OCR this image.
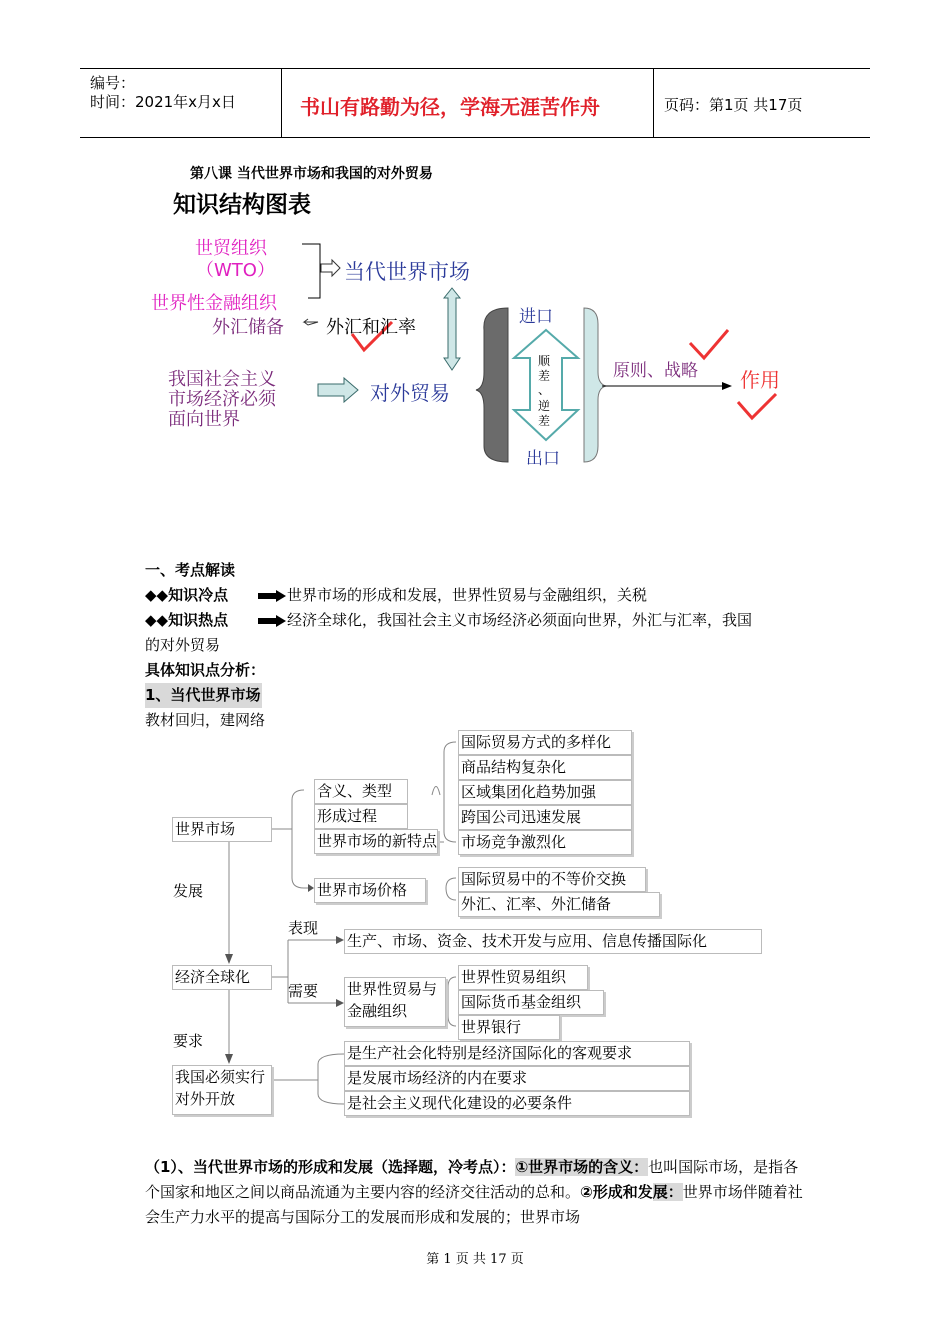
编号：
时间：2021年x月x日	书山有路勤为径，学海无涯苦作舟	页码：第1页 共17页
第八课 当代世界市场和我国的对外贸易
知识结构图表
世贸组织
（WTO）	当代世界市场
世界性金融组织
外汇储备 外汇和汇率
我国社会主义
市场经济必须
面向世界
对外贸易
进口
出口
顺
差
、
逆
差
原则、战略 作用
一、考点解读
◆◆知识冷点	世界市场的形成和发展，世界性贸易与金融组织，关税
◆◆知识热点	经济全球化，我国社会主义市场经济必须面向世界，外汇与汇率，我国
的对外贸易
具体知识点分析：
1、当代世界市场
教材回归，建网络
世界市场
含义、类型
形成过程
世界市场的新特点
世界市场价格
国际贸易方式的多样化
商品结构复杂化
区域集团化趋势加强
跨国公司迅速发展
市场竞争激烈化
国际贸易中的不等价交换
外汇、汇率、外汇储备
发展
经济全球化
表现
生产、市场、资金、技术开发与应用、信息传播国际化
需要 世界性贸易与
金融组织
世界性贸易组织
国际货币基金组织
世界银行
要求
我国必须实行
对外开放
是生产社会化特别是经济国际化的客观要求
是发展市场经济的内在要求
是社会主义现代化建设的必要条件
（1）、当代世界市场的形成和发展（选择题，冷考点）：①世界市场的含义：也叫国际市场，是指各个国家和地区之间以商品流通为主要内容的经济交往活动的总和。②形成和发展：世界市场伴随着社会生产力水平的提高与国际分工的发展而形成和发展的；世界市场
第 1 页 共 17 页
